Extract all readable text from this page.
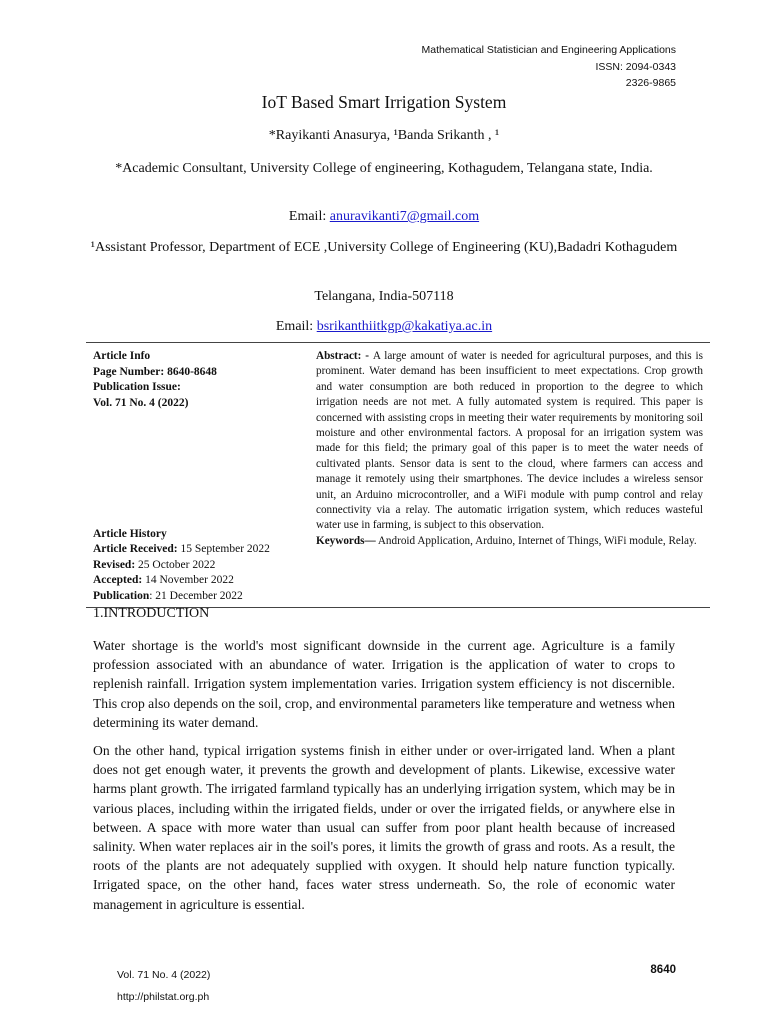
Mathematical Statistician and Engineering Applications
ISSN: 2094-0343
2326-9865
IoT Based Smart Irrigation System
*Rayikanti Anasurya, ¹Banda Srikanth , ¹
*Academic Consultant, University College of engineering, Kothagudem, Telangana state, India.
Email: anuravikanti7@gmail.com
¹Assistant Professor, Department of ECE ,University College of Engineering (KU),Badadri Kothagudem
Telangana, India-507118
Email: bsrikanthiitkgp@kakatiya.ac.in
Article Info
Page Number: 8640-8648
Publication Issue:
Vol. 71 No. 4 (2022)
Article History
Article Received: 15 September 2022
Revised: 25 October 2022
Accepted: 14 November 2022
Publication: 21 December 2022
Abstract: - A large amount of water is needed for agricultural purposes, and this is prominent. Water demand has been insufficient to meet expectations. Crop growth and water consumption are both reduced in proportion to the degree to which irrigation needs are not met. A fully automated system is required. This paper is concerned with assisting crops in meeting their water requirements by monitoring soil moisture and other environmental factors. A proposal for an irrigation system was made for this field; the primary goal of this paper is to meet the water needs of cultivated plants. Sensor data is sent to the cloud, where farmers can access and manage it remotely using their smartphones. The device includes a wireless sensor unit, an Arduino microcontroller, and a WiFi module with pump control and relay connectivity via a relay. The automatic irrigation system, which reduces wasteful water use in farming, is subject to this observation.
Keywords— Android Application, Arduino, Internet of Things, WiFi module, Relay.
1.INTRODUCTION
Water shortage is the world's most significant downside in the current age. Agriculture is a family profession associated with an abundance of water. Irrigation is the application of water to crops to replenish rainfall. Irrigation system implementation varies. Irrigation system efficiency is not discernible. This crop also depends on the soil, crop, and environmental parameters like temperature and wetness when determining its water demand.
On the other hand, typical irrigation systems finish in either under or over-irrigated land. When a plant does not get enough water, it prevents the growth and development of plants. Likewise, excessive water harms plant growth. The irrigated farmland typically has an underlying irrigation system, which may be in various places, including within the irrigated fields, under or over the irrigated fields, or anywhere else in between. A space with more water than usual can suffer from poor plant health because of increased salinity. When water replaces air in the soil's pores, it limits the growth of grass and roots. As a result, the roots of the plants are not adequately supplied with oxygen. It should help nature function typically. Irrigated space, on the other hand, faces water stress underneath. So, the role of economic water management in agriculture is essential.
Vol. 71 No. 4 (2022)
http://philstat.org.ph
8640
